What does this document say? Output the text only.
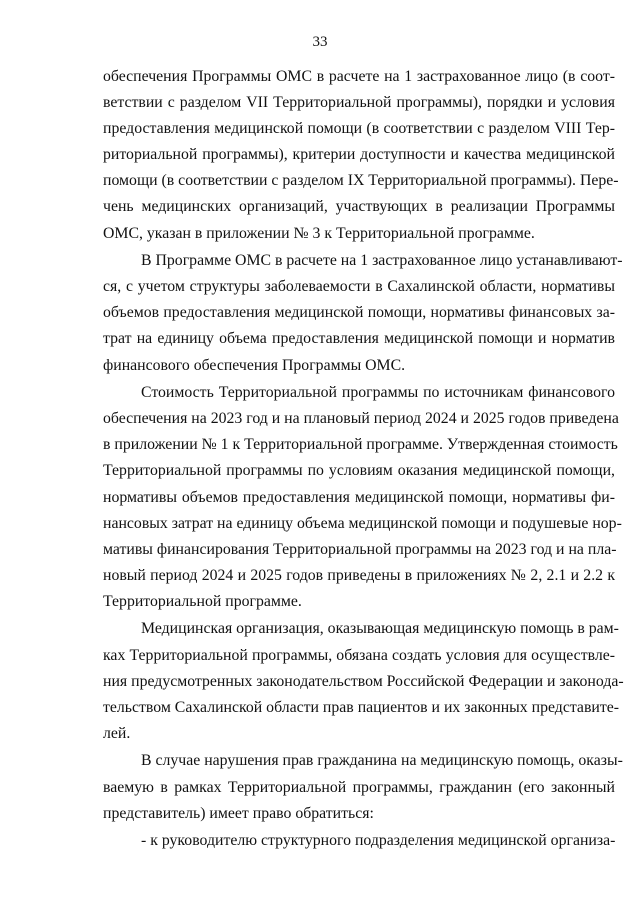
33
обеспечения Программы ОМС в расчете на 1 застрахованное лицо (в соот-
ветствии с разделом VII Территориальной программы), порядки и условия
предоставления медицинской помощи (в соответствии с разделом VIII Тер-
риториальной программы), критерии доступности и качества медицинской
помощи (в соответствии с разделом IX Территориальной программы). Пере-
чень медицинских организаций, участвующих в реализации Программы
ОМС, указан в приложении № 3 к Территориальной программе.
В Программе ОМС в расчете на 1 застрахованное лицо устанавливают-
ся, с учетом структуры заболеваемости в Сахалинской области, нормативы
объемов предоставления медицинской помощи, нормативы финансовых за-
трат на единицу объема предоставления медицинской помощи и норматив
финансового обеспечения Программы ОМС.
Стоимость Территориальной программы по источникам финансового
обеспечения на 2023 год и на плановый период 2024 и 2025 годов приведена
в приложении № 1 к Территориальной программе. Утвержденная стоимость
Территориальной программы по условиям оказания медицинской помощи,
нормативы объемов предоставления медицинской помощи, нормативы фи-
нансовых затрат на единицу объема медицинской помощи и подушевые нор-
мативы финансирования Территориальной программы на 2023 год и на пла-
новый период 2024 и 2025 годов приведены в приложениях № 2, 2.1 и 2.2 к
Территориальной программе.
Медицинская организация, оказывающая медицинскую помощь в рам-
ках Территориальной программы, обязана создать условия для осуществле-
ния предусмотренных законодательством Российской Федерации и законода-
тельством Сахалинской области прав пациентов и их законных представите-
лей.
В случае нарушения прав гражданина на медицинскую помощь, оказы-
ваемую в рамках Территориальной программы, гражданин (его законный
представитель) имеет право обратиться:
- к руководителю структурного подразделения медицинской организа-
